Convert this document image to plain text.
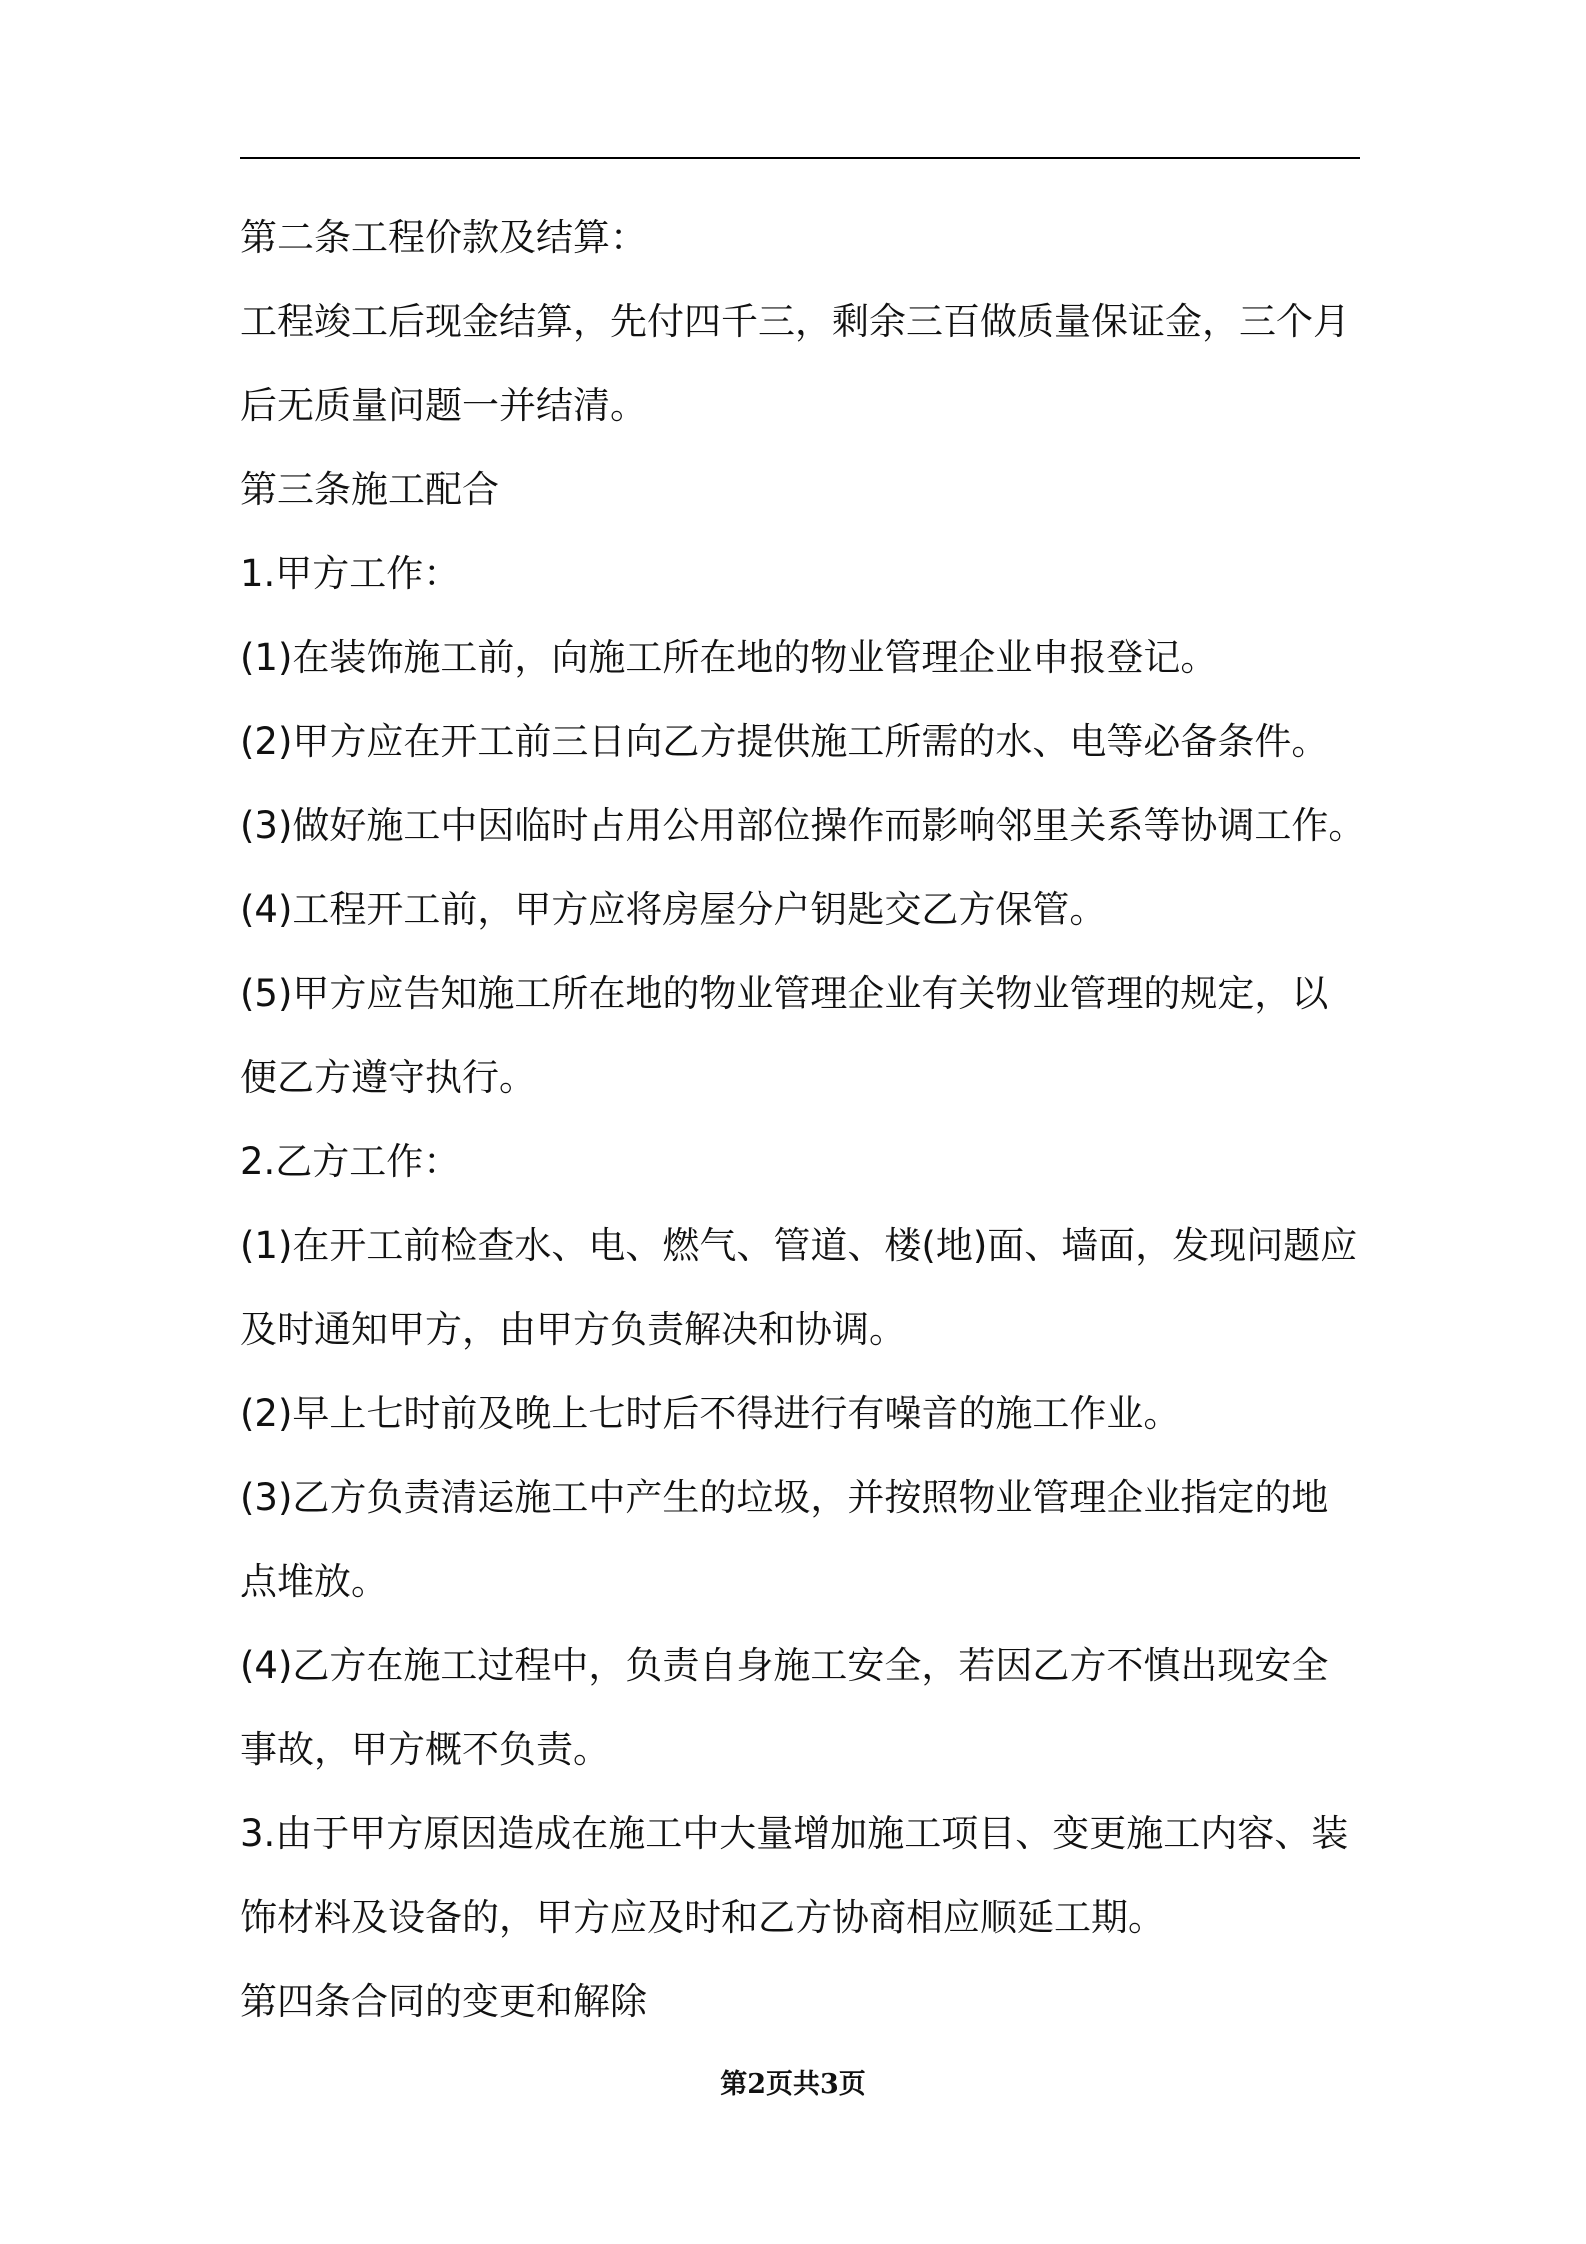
第二条工程价款及结算：
工程竣工后现金结算，先付四千三，剩余三百做质量保证金，三个月
后无质量问题一并结清。
第三条施工配合
1.甲方工作：
(1)在装饰施工前，向施工所在地的物业管理企业申报登记。
(2)甲方应在开工前三日向乙方提供施工所需的水、电等必备条件。
(3)做好施工中因临时占用公用部位操作而影响邻里关系等协调工作。
(4)工程开工前，甲方应将房屋分户钥匙交乙方保管。
(5)甲方应告知施工所在地的物业管理企业有关物业管理的规定，以
便乙方遵守执行。
2.乙方工作：
(1)在开工前检查水、电、燃气、管道、楼(地)面、墙面，发现问题应
及时通知甲方，由甲方负责解决和协调。
(2)早上七时前及晚上七时后不得进行有噪音的施工作业。
(3)乙方负责清运施工中产生的垃圾，并按照物业管理企业指定的地
点堆放。
(4)乙方在施工过程中，负责自身施工安全，若因乙方不慎出现安全
事故，甲方概不负责。
3.由于甲方原因造成在施工中大量增加施工项目、变更施工内容、装
饰材料及设备的，甲方应及时和乙方协商相应顺延工期。
第四条合同的变更和解除
第2页共3页
